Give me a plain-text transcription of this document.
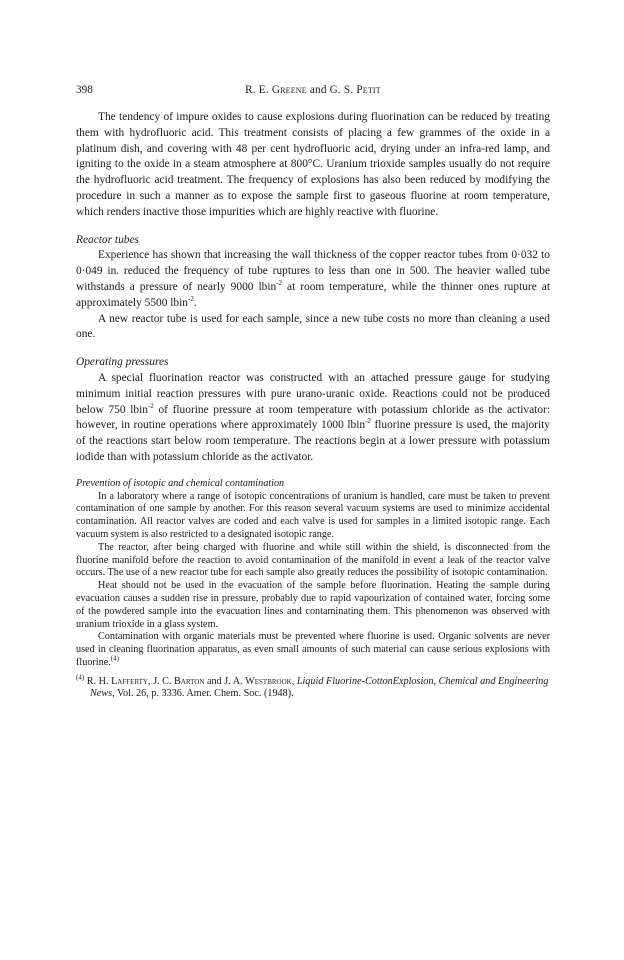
398	R. E. Greene and G. S. Petit

The tendency of impure oxides to cause explosions during fluorination can be reduced by treating them with hydrofluoric acid. This treatment consists of placing a few grammes of the oxide in a platinum dish, and covering with 48 per cent hydrofluoric acid, drying under an infra-red lamp, and igniting to the oxide in a steam atmosphere at 800°C. Uranium trioxide samples usually do not require the hydrofluoric acid treatment. The frequency of explosions has also been reduced by modifying the procedure in such a manner as to expose the sample first to gaseous fluorine at room temperature, which renders inactive those impurities which are highly reactive with fluorine.

Reactor tubes

Experience has shown that increasing the wall thickness of the copper reactor tubes from 0·032 to 0·049 in. reduced the frequency of tube ruptures to less than one in 500. The heavier walled tube withstands a pressure of nearly 9000 lbin$^{-2}$ at room temperature, while the thinner ones rupture at approximately 5500 lbin$^{-2}$.

A new reactor tube is used for each sample, since a new tube costs no more than cleaning a used one.

Operating pressures

A special fluorination reactor was constructed with an attached pressure gauge for studying minimum initial reaction pressures with pure urano-uranic oxide. Reactions could not be produced below 750 lbin$^{-2}$ of fluorine pressure at room temperature with potassium chloride as the activator: however, in routine operations where approximately 1000 lbin$^{-2}$ fluorine pressure is used, the majority of the reactions start below room temperature. The reactions begin at a lower pressure with potassium iodide than with potassium chloride as the activator.

Prevention of isotopic and chemical contamination

In a laboratory where a range of isotopic concentrations of uranium is handled, care must be taken to prevent contamination of one sample by another. For this reason several vacuum systems are used to minimize accidental contamination. All reactor valves are coded and each valve is used for samples in a limited isotopic range. Each vacuum system is also restricted to a designated isotopic range.

The reactor, after being charged with fluorine and while still within the shield, is disconnected from the fluorine manifold before the reaction to avoid contamination of the manifold in event a leak of the reactor valve occurs. The use of a new reactor tube for each sample also greatly reduces the possibility of isotopic contamination.

Heat should not be used in the evacuation of the sample before fluorination. Heating the sample during evacuation causes a sudden rise in pressure, probably due to rapid vapourization of contained water, forcing some of the powdered sample into the evacuation lines and contaminating them. This phenomenon was observed with uranium trioxide in a glass system.

Contamination with organic materials must be prevented where fluorine is used. Organic solvents are never used in cleaning fluorination apparatus, as even small amounts of such material can cause serious explosions with fluorine.$^{(4)}$

$^{(4)}$ R. H. Lafferty, J. C. Barton and J. A. Westbrook, Liquid Fluorine-CottonExplosion, Chemical and Engineering News, Vol. 26, p. 3336. Amer. Chem. Soc. (1948).
